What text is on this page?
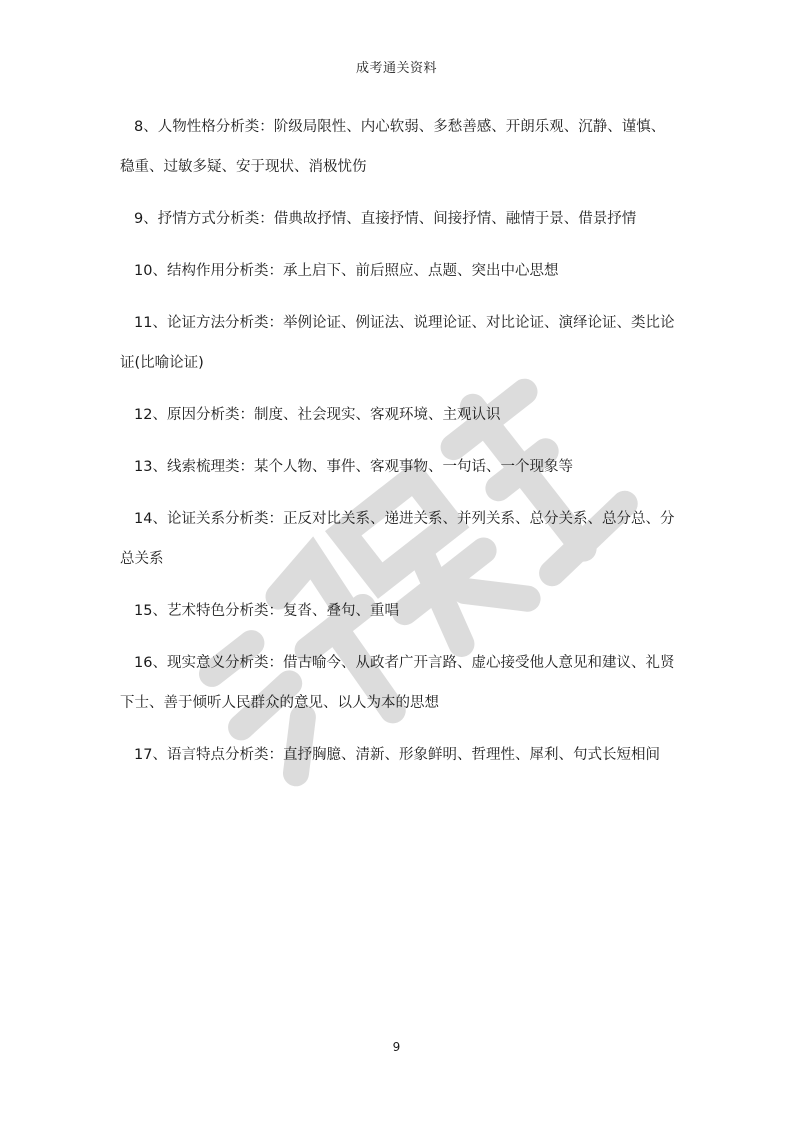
成考通关资料

8、人物性格分析类：阶级局限性、内心软弱、多愁善感、开朗乐观、沉静、谨慎、稳重、过敏多疑、安于现状、消极忧伤

9、抒情方式分析类：借典故抒情、直接抒情、间接抒情、融情于景、借景抒情

10、结构作用分析类：承上启下、前后照应、点题、突出中心思想

11、论证方法分析类：举例论证、例证法、说理论证、对比论证、演绎论证、类比论证(比喻论证)

12、原因分析类：制度、社会现实、客观环境、主观认识

13、线索梳理类：某个人物、事件、客观事物、一句话、一个现象等

14、论证关系分析类：正反对比关系、递进关系、并列关系、总分关系、总分总、分总关系

15、艺术特色分析类：复沓、叠句、重唱

16、现实意义分析类：借古喻今、从政者广开言路、虚心接受他人意见和建议、礼贤下士、善于倾听人民群众的意见、以人为本的思想

17、语言特点分析类：直抒胸臆、清新、形象鲜明、哲理性、犀利、句式长短相间

9
